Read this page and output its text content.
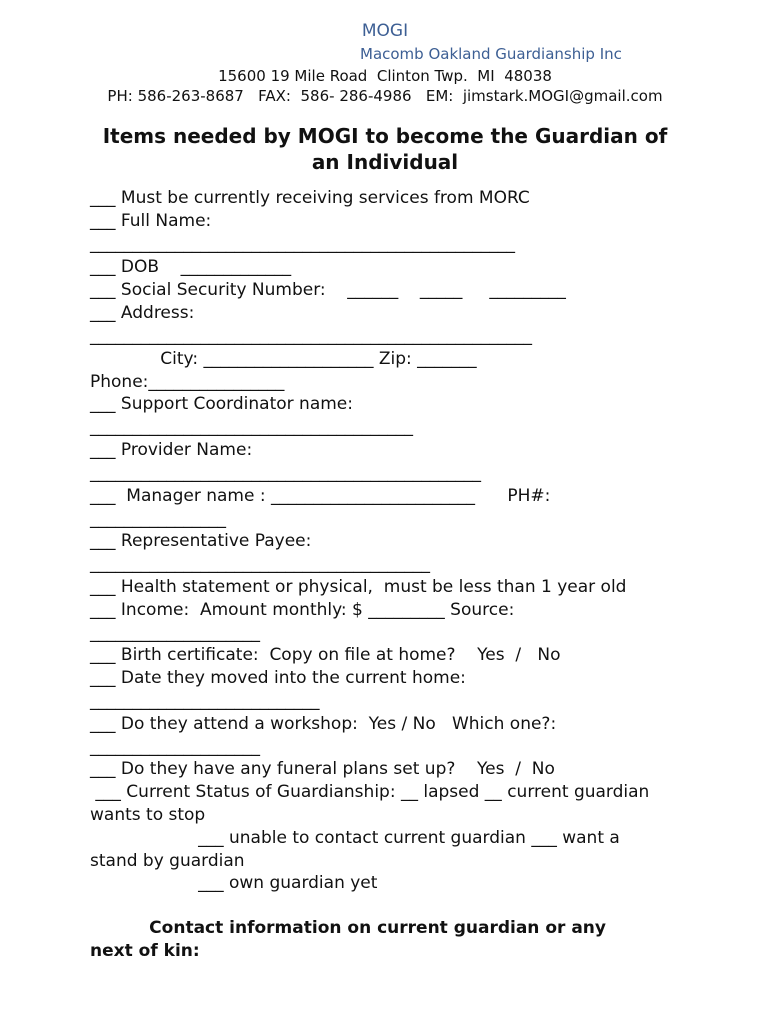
MOGI
Macomb Oakland Guardianship Inc
15600 19 Mile Road  Clinton Twp.  MI  48038
PH: 586-263-8687   FAX:  586- 286-4986   EM:  jimstark.MOGI@gmail.com
Items needed by MOGI to become the Guardian of
an Individual
___ Must be currently receiving services from MORC
___ Full Name:
__________________________________________________
___ DOB    _____________
___ Social Security Number:    ______    _____     _________
___ Address:
____________________________________________________
City: ____________________ Zip: _______
Phone:________________
___ Support Coordinator name:
______________________________________
___ Provider Name:
______________________________________________
___  Manager name : ________________________      PH#:
________________
___ Representative Payee:
________________________________________
___ Health statement or physical,  must be less than 1 year old
___ Income:  Amount monthly: $ _________ Source:
____________________
___ Birth certificate:  Copy on file at home?    Yes  /   No
___ Date they moved into the current home:
___________________________
___ Do they attend a workshop:  Yes / No   Which one?:
____________________
___ Do they have any funeral plans set up?    Yes  /  No
___ Current Status of Guardianship: __ lapsed __ current guardian
wants to stop
___ unable to contact current guardian ___ want a
stand by guardian
___ own guardian yet
Contact information on current guardian or any
next of kin:
